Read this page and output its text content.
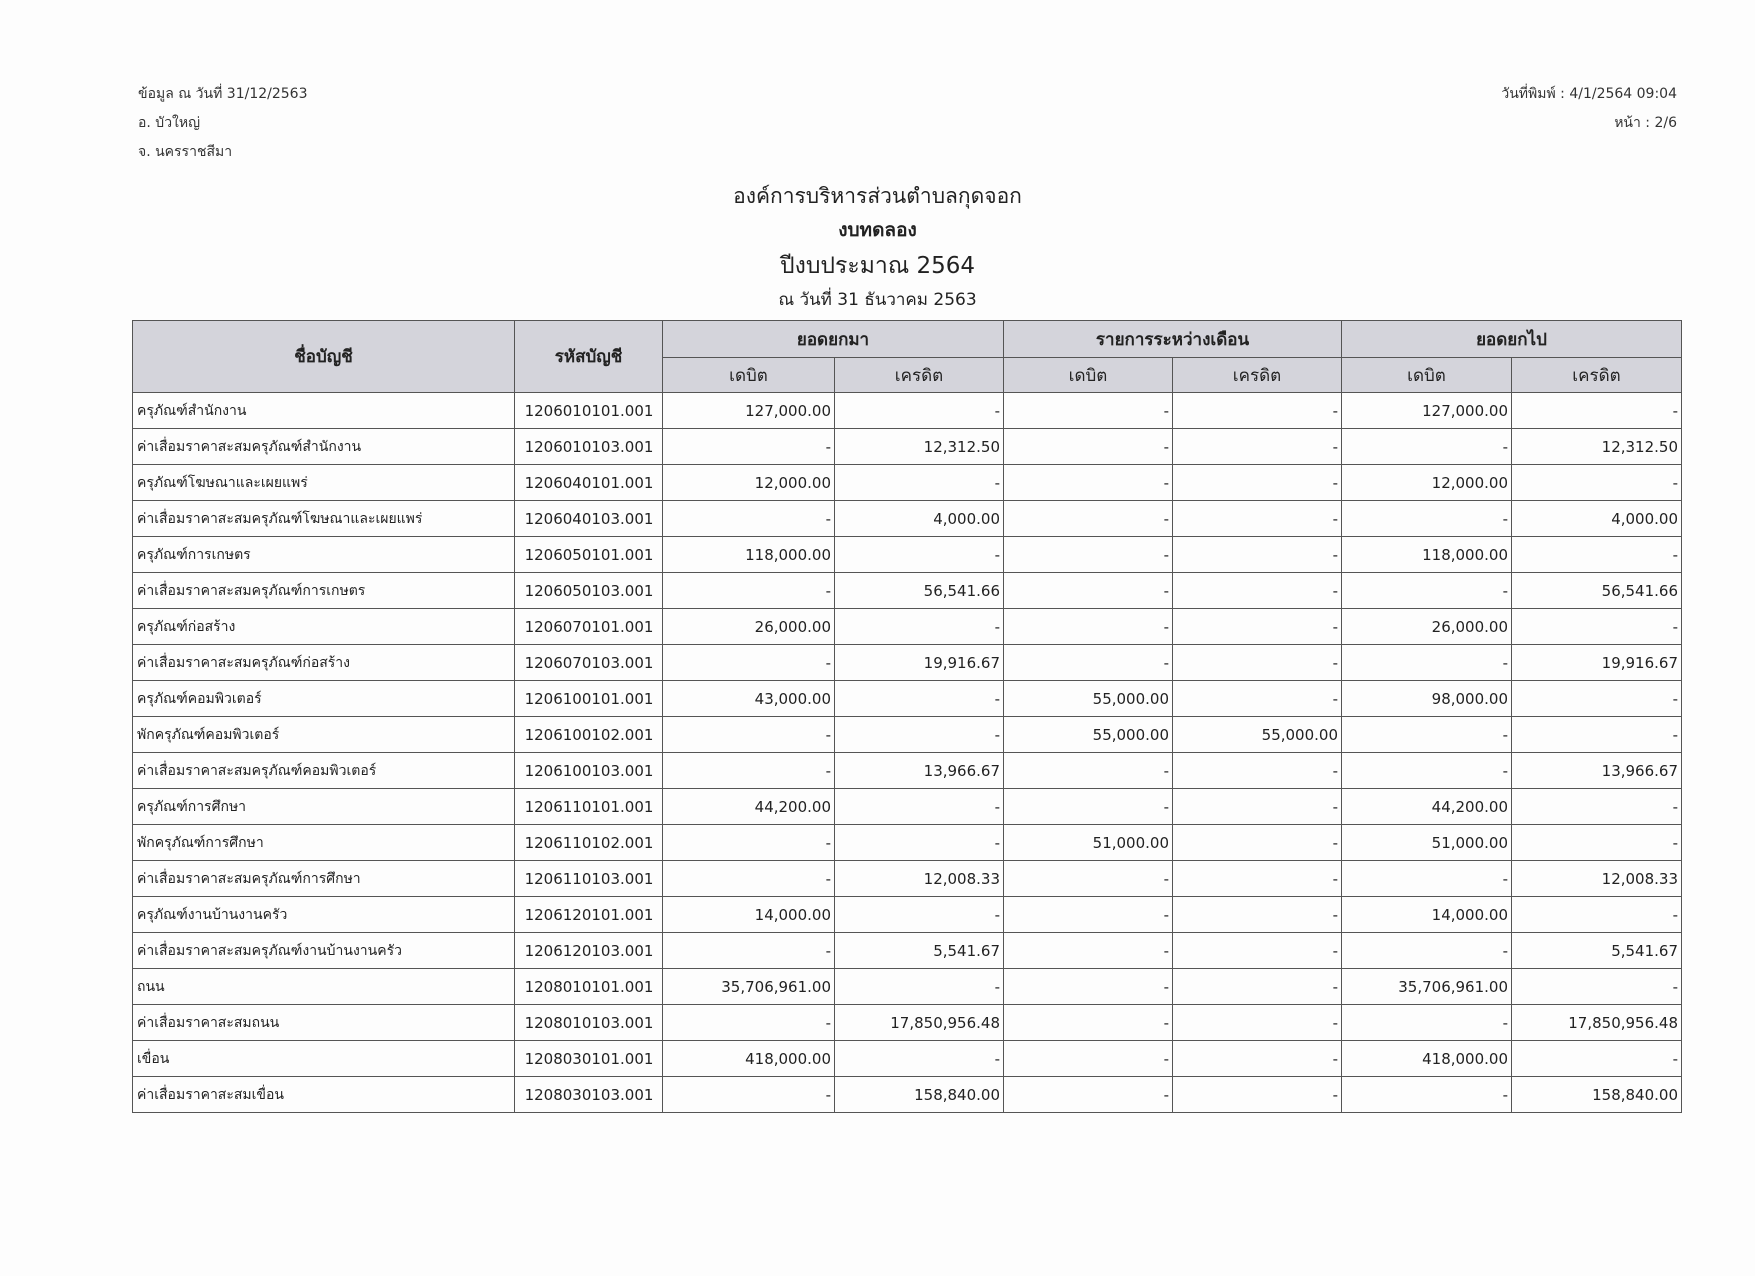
ข้อมูล ณ วันที่ 31/12/2563
อ. บัวใหญ่
จ. นครราชสีมา
วันที่พิมพ์ : 4/1/2564 09:04
หน้า : 2/6
องค์การบริหารส่วนตำบลกุดจอก
งบทดลอง
ปีงบประมาณ 2564
ณ วันที่ 31 ธันวาคม 2563
ชื่อบัญชี	รหัสบัญชี	ยอดยกมา		รายการระหว่างเดือน		ยอดยกไป	
		เดบิต	เครดิต	เดบิต	เครดิต	เดบิต	เครดิต
ครุภัณฑ์สำนักงาน	1206010101.001	127,000.00	-	-	-	127,000.00	-
ค่าเสื่อมราคาสะสมครุภัณฑ์สำนักงาน	1206010103.001	-	12,312.50	-	-	-	12,312.50
ครุภัณฑ์โฆษณาและเผยแพร่	1206040101.001	12,000.00	-	-	-	12,000.00	-
ค่าเสื่อมราคาสะสมครุภัณฑ์โฆษณาและเผยแพร่	1206040103.001	-	4,000.00	-	-	-	4,000.00
ครุภัณฑ์การเกษตร	1206050101.001	118,000.00	-	-	-	118,000.00	-
ค่าเสื่อมราคาสะสมครุภัณฑ์การเกษตร	1206050103.001	-	56,541.66	-	-	-	56,541.66
ครุภัณฑ์ก่อสร้าง	1206070101.001	26,000.00	-	-	-	26,000.00	-
ค่าเสื่อมราคาสะสมครุภัณฑ์ก่อสร้าง	1206070103.001	-	19,916.67	-	-	-	19,916.67
ครุภัณฑ์คอมพิวเตอร์	1206100101.001	43,000.00	-	55,000.00	-	98,000.00	-
พักครุภัณฑ์คอมพิวเตอร์	1206100102.001	-	-	55,000.00	55,000.00	-	-
ค่าเสื่อมราคาสะสมครุภัณฑ์คอมพิวเตอร์	1206100103.001	-	13,966.67	-	-	-	13,966.67
ครุภัณฑ์การศึกษา	1206110101.001	44,200.00	-	-	-	44,200.00	-
พักครุภัณฑ์การศึกษา	1206110102.001	-	-	51,000.00	-	51,000.00	-
ค่าเสื่อมราคาสะสมครุภัณฑ์การศึกษา	1206110103.001	-	12,008.33	-	-	-	12,008.33
ครุภัณฑ์งานบ้านงานครัว	1206120101.001	14,000.00	-	-	-	14,000.00	-
ค่าเสื่อมราคาสะสมครุภัณฑ์งานบ้านงานครัว	1206120103.001	-	5,541.67	-	-	-	5,541.67
ถนน	1208010101.001	35,706,961.00	-	-	-	35,706,961.00	-
ค่าเสื่อมราคาสะสมถนน	1208010103.001	-	17,850,956.48	-	-	-	17,850,956.48
เขื่อน	1208030101.001	418,000.00	-	-	-	418,000.00	-
ค่าเสื่อมราคาสะสมเขื่อน	1208030103.001	-	158,840.00	-	-	-	158,840.00
